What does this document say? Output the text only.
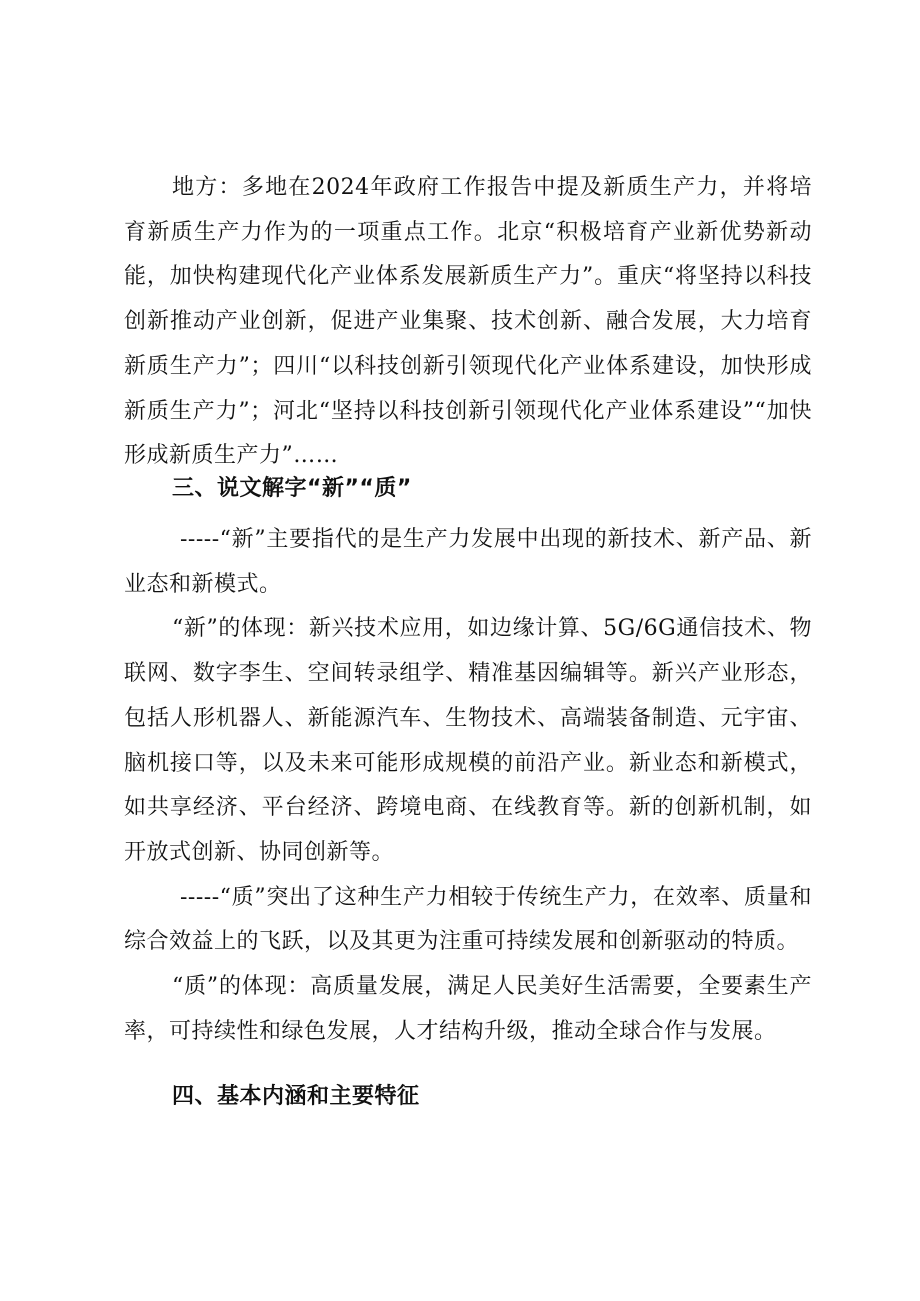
地方：多地在2024年政府工作报告中提及新质生产力，并将培育新质生产力作为的一项重点工作。北京“积极培育产业新优势新动能，加快构建现代化产业体系发展新质生产力”。重庆“将坚持以科技创新推动产业创新，促进产业集聚、技术创新、融合发展，大力培育新质生产力”；四川“以科技创新引领现代化产业体系建设，加快形成新质生产力”；河北“坚持以科技创新引领现代化产业体系建设”“加快形成新质生产力”……

三、说文解字“新”“质”

-----“新”主要指代的是生产力发展中出现的新技术、新产品、新业态和新模式。

“新”的体现：新兴技术应用，如边缘计算、5G/6G通信技术、物联网、数字李生、空间转录组学、精准基因编辑等。新兴产业形态，包括人形机器人、新能源汽车、生物技术、高端装备制造、元宇宙、脑机接口等，以及未来可能形成规模的前沿产业。新业态和新模式，如共享经济、平台经济、跨境电商、在线教育等。新的创新机制，如开放式创新、协同创新等。

-----“质”突出了这种生产力相较于传统生产力，在效率、质量和综合效益上的飞跃，以及其更为注重可持续发展和创新驱动的特质。

“质”的体现：高质量发展，满足人民美好生活需要，全要素生产率，可持续性和绿色发展，人才结构升级，推动全球合作与发展。

四、基本内涵和主要特征
